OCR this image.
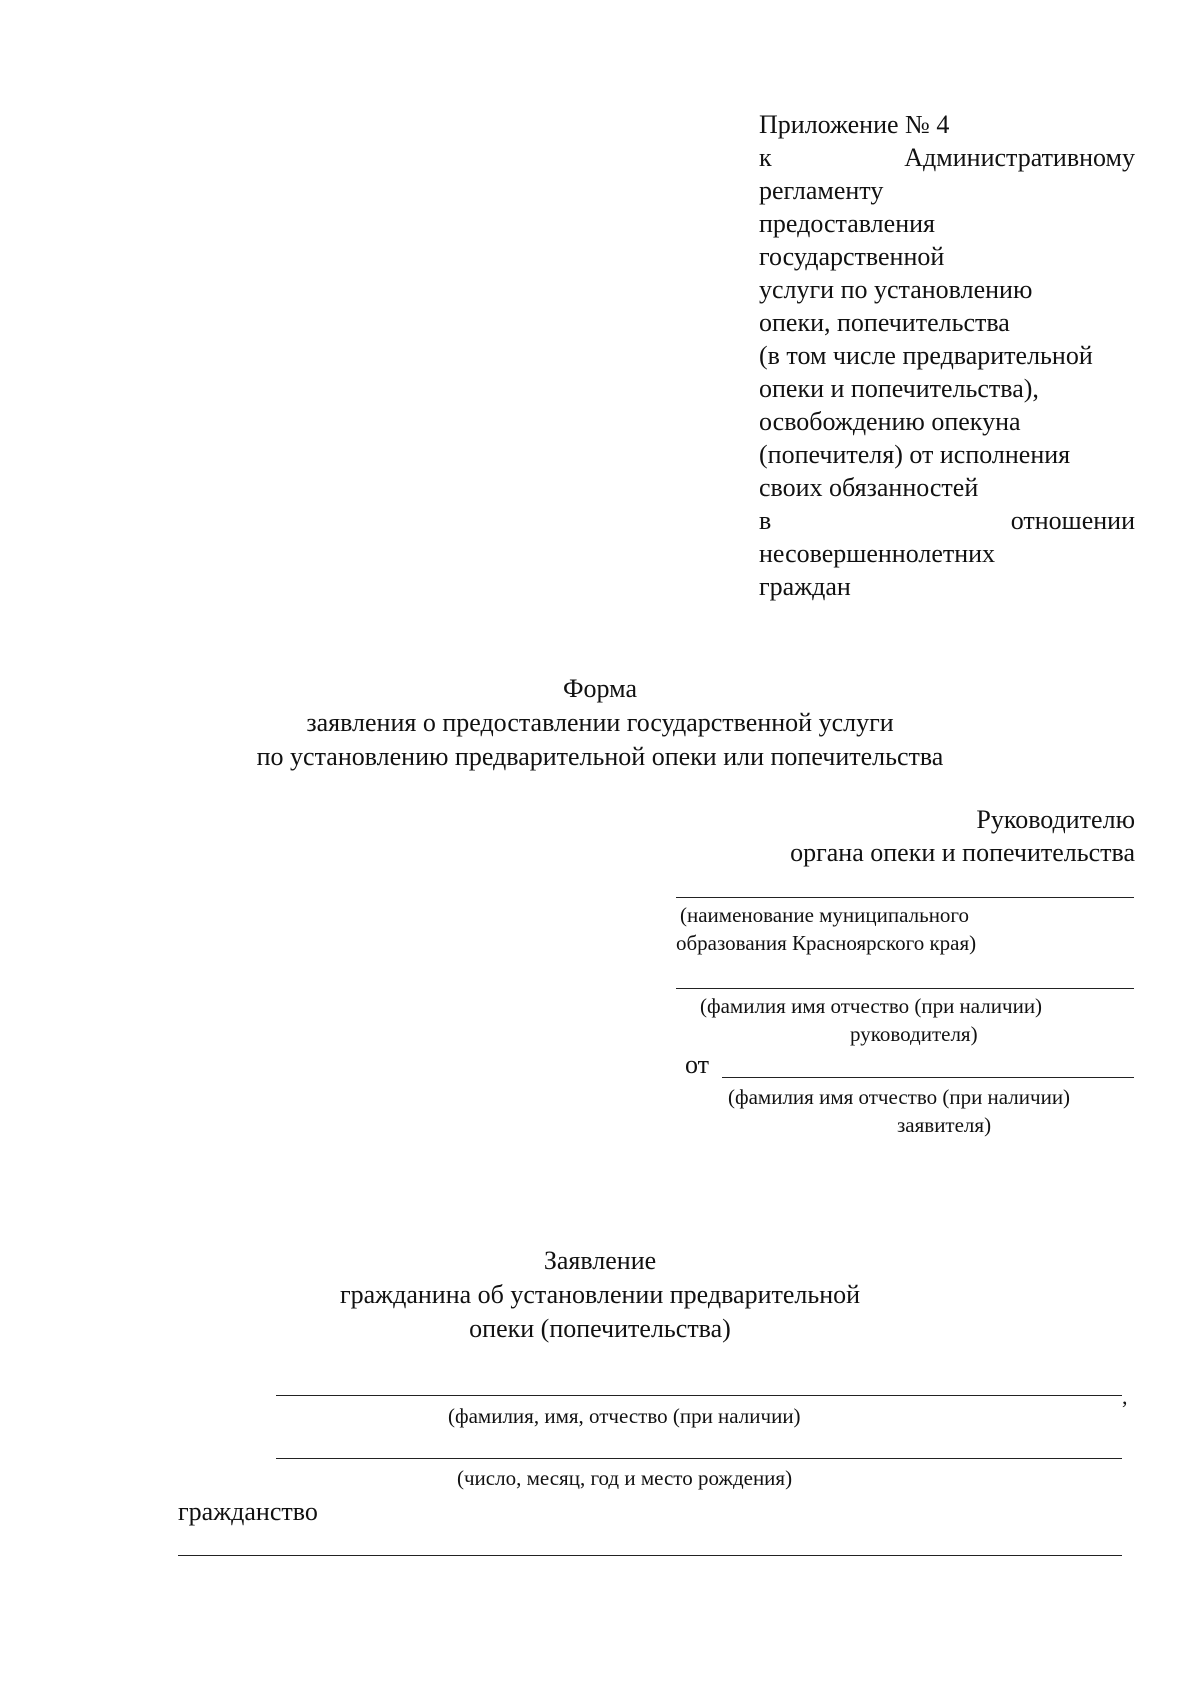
Приложение № 4
к	Административному
регламенту
предоставления
государственной
услуги по установлению
опеки, попечительства
(в том числе предварительной
опеки и попечительства),
освобождению опекуна
(попечителя) от исполнения
своих обязанностей
в	отношении
несовершеннолетних
граждан
Форма
заявления о предоставлении государственной услуги
по установлению предварительной опеки или попечительства
Руководителю
органа опеки и попечительства
(наименование муниципального
образования Красноярского края)
(фамилия имя отчество (при наличии)
руководителя)
от
(фамилия имя отчество (при наличии)
заявителя)
Заявление
гражданина об установлении предварительной
опеки (попечительства)
,
(фамилия, имя, отчество (при наличии)
(число, месяц, год и место рождения)
гражданство
